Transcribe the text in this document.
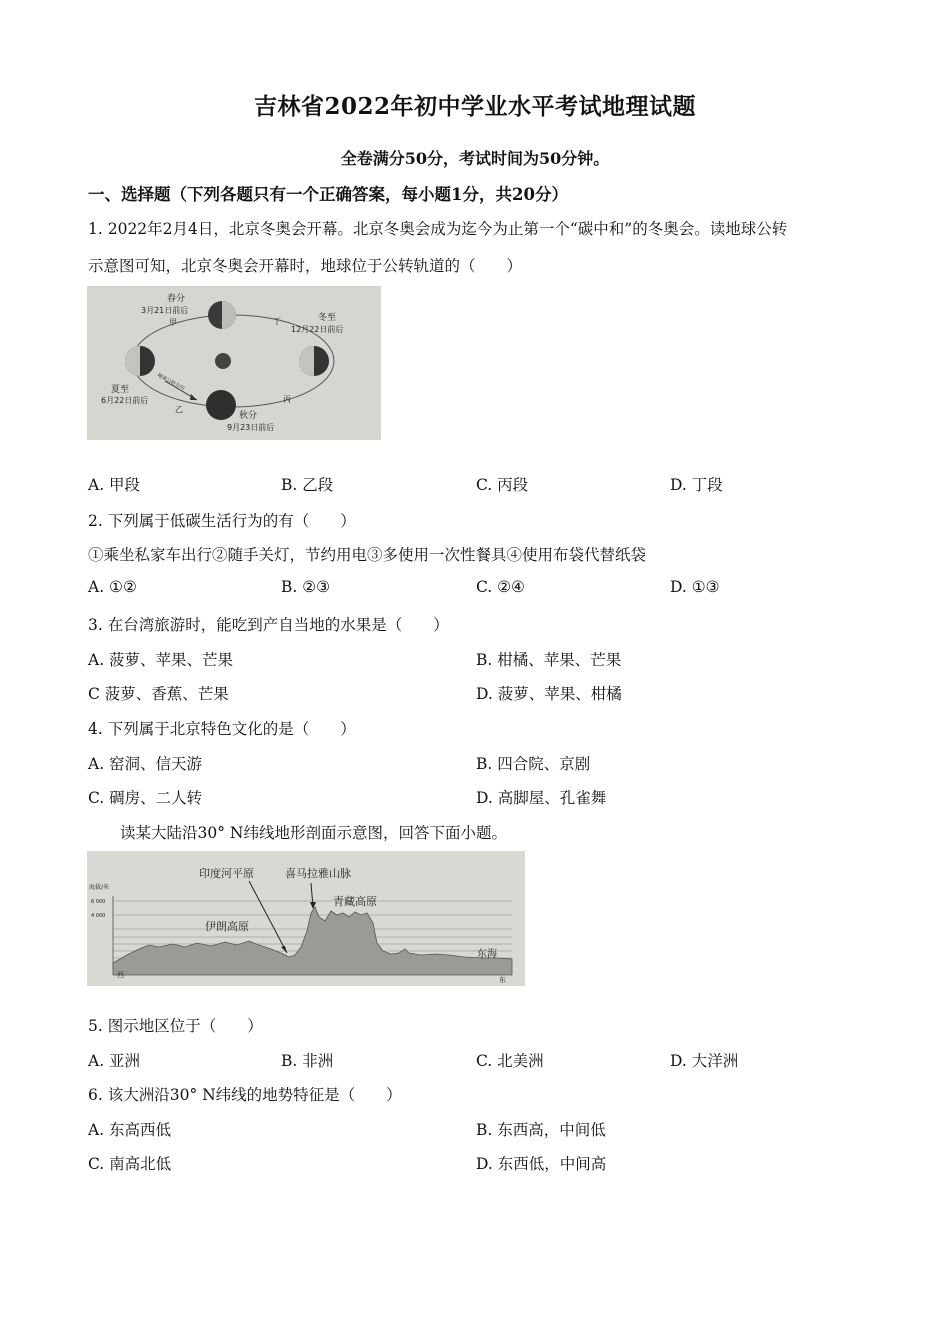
吉林省2022年初中学业水平考试地理试题
全卷满分50分，考试时间为50分钟。
一、选择题（下列各题只有一个正确答案，每小题1分，共20分）
1. 2022年2月4日，北京冬奥会开幕。北京冬奥会成为迄今为止第一个“碳中和”的冬奥会。读地球公转
示意图可知，北京冬奥会开幕时，地球位于公转轨道的（　　）
春分
3月21日前后
甲	丁	冬至
12月22日前后
夏至
6月22日前后
乙
地球公转方向
丙
秋分
9月23日前后
A. 甲段	B. 乙段	C. 丙段	D. 丁段
2. 下列属于低碳生活行为的有（　　）
①乘坐私家车出行②随手关灯，节约用电③多使用一次性餐具④使用布袋代替纸袋
A. ①②	B. ②③	C. ②④	D. ①③
3. 在台湾旅游时，能吃到产自当地的水果是（　　）
A. 菠萝、苹果、芒果	B. 柑橘、苹果、芒果
C 菠萝、香蕉、芒果	D. 菠萝、苹果、柑橘
4. 下列属于北京特色文化的是（　　）
A. 窑洞、信天游	B. 四合院、京剧
C. 碉房、二人转	D. 高脚屋、孔雀舞
读某大陆沿30° N纬线地形剖面示意图，回答下面小题。
海拔/米
6 000
4 000
印度河平原	喜马拉雅山脉
青藏高原
伊朗高原
东海
西
东
5. 图示地区位于（　　）
A. 亚洲	B. 非洲	C. 北美洲	D. 大洋洲
6. 该大洲沿30° N纬线的地势特征是（　　）
A. 东高西低	B. 东西高，中间低
C. 南高北低	D. 东西低，中间高
